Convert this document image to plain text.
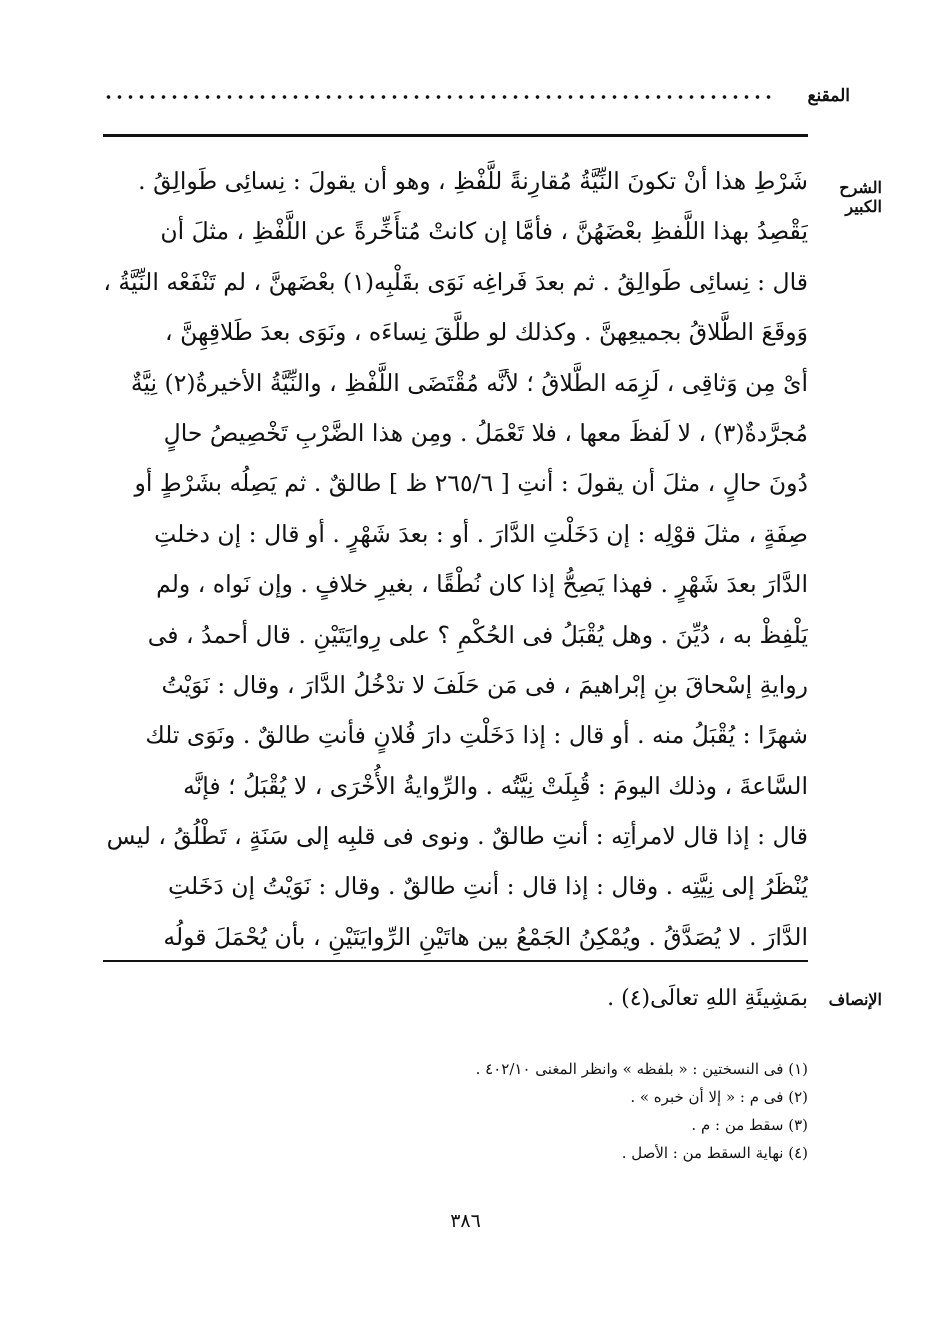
المقنع
الشرح الكبير
شَرْطِ هذا أنْ تكونَ النِّيَّةُ مُقارِنةً للَّفْظِ ، وهو أن يقولَ : نِسائِى طَوالِقُ .
يَقْصِدُ بهذا اللَّفظِ بعْضَهُنَّ ، فأمَّا إن كانتْ مُتأَخِّرةً عن اللَّفْظِ ، مثلَ أن
قال : نِسائِى طَوالِقُ . ثم بعدَ فَراغِه نَوَى بقَلْبِه(١) بعْضَهنَّ ، لم تَنْفَعْه النِّيَّةُ ،
وَوقَعَ الطَّلاقُ بجميعِهنَّ . وكذلك لو طلَّقَ نِساءَه ، ونَوَى بعدَ طَلاقِهِنَّ ،
أىْ مِن وَثاقِى ، لَزِمَه الطَّلاقُ ؛ لأنَّه مُقْتَضَى اللَّفْظِ ، والنِّيَّةُ الأخيرةُ(٢) نِيَّةٌ
مُجرَّدةٌ(٣) ، لا لَفظَ معها ، فلا تَعْمَلُ . ومِن هذا الضَّرْبِ تَخْصِيصُ حالٍ
دُونَ حالٍ ، مثلَ أن يقولَ : أنتِ [ ٢٦٥/٦ ظ ] طالقٌ . ثم يَصِلُه بشَرْطٍ أو
صِفَةٍ ، مثلَ قوْلِه : إن دَخَلْتِ الدَّارَ . أو : بعدَ شَهْرٍ . أو قال : إن دخلتِ
الدَّارَ بعدَ شَهْرٍ . فهذا يَصِحُّ إذا كان نُطْقًا ، بغيرِ خلافٍ . وإن نَواه ، ولم
يَلْفِظْ به ، دُيِّنَ . وهل يُقْبَلُ فى الحُكْمِ ؟ على رِوايَتَيْنِ . قال أحمدُ ، فى
روايةِ إسْحاقَ بنِ إبْراهيمَ ، فى مَن حَلَفَ لا تدْخُلُ الدَّارَ ، وقال : نَوَيْتُ
شهرًا : يُقْبَلُ منه . أو قال : إذا دَخَلْتِ دارَ فُلانٍ فأنتِ طالقٌ . ونَوَى تلك
السَّاعةَ ، وذلك اليومَ : قُبِلَتْ نِيَّتُه . والرِّوايةُ الأُخْرَى ، لا يُقْبَلُ ؛ فإنَّه
قال : إذا قال لامرأتِه : أنتِ طالقٌ . ونوى فى قلبِه إلى سَنَةٍ ، تَطْلُقُ ، ليس
يُنْظَرُ إلى نِيَّتِه . وقال : إذا قال : أنتِ طالقٌ . وقال : نَوَيْتُ إن دَخَلتِ
الدَّارَ . لا يُصَدَّقُ . ويُمْكِنُ الجَمْعُ بين هاتَيْنِ الرِّوايَتَيْنِ ، بأن يُحْمَلَ قولُه
الإنصاف
بمَشِيئَةِ اللهِ تعالَى(٤) .
(١) فى النسختين : « بلفظه » وانظر المغنى ٤٠٢/١٠ .
(٢) فى م : « إلا أن خبره » .
(٣) سقط من : م .
(٤) نهاية السقط من : الأصل .
٣٨٦
